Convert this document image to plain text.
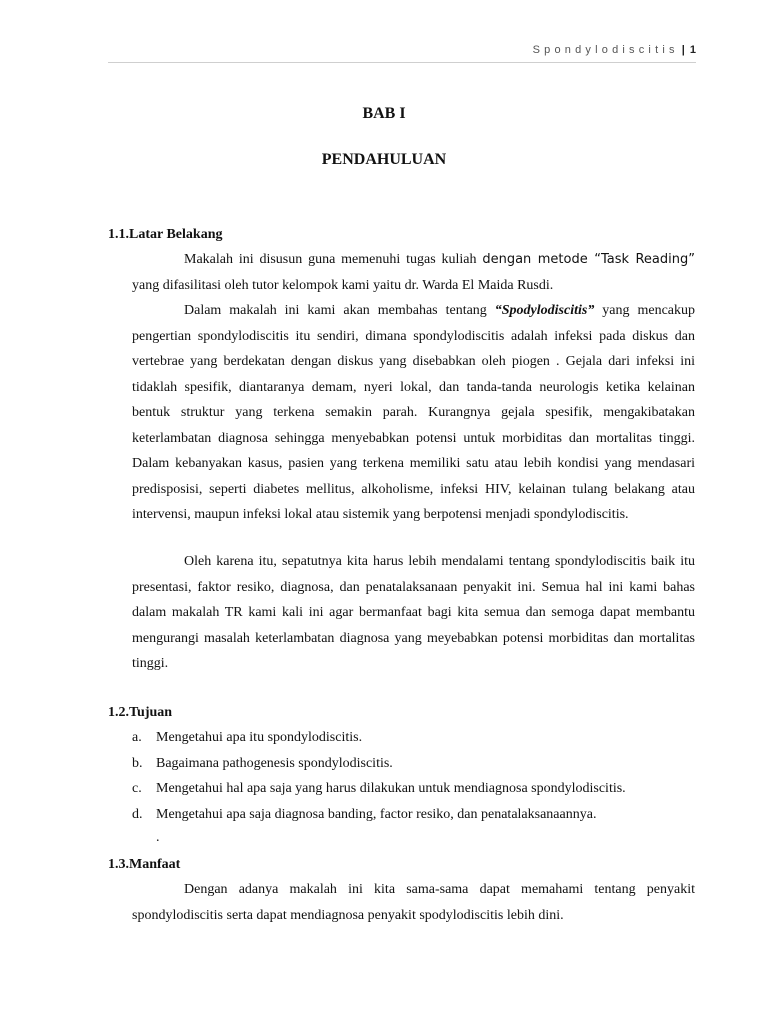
Spondylodiscitis | 1
BAB I
PENDAHULUAN
1.1.Latar Belakang

Makalah ini disusun guna memenuhi tugas kuliah dengan metode “Task Reading” yang difasilitasi oleh tutor kelompok kami yaitu dr. Warda El Maida Rusdi.

Dalam makalah ini kami akan membahas tentang “Spodylodiscitis” yang mencakup pengertian spondylodiscitis itu sendiri, dimana spondylodiscitis adalah infeksi pada diskus dan vertebrae yang berdekatan dengan diskus yang disebabkan oleh piogen . Gejala dari infeksi ini tidaklah spesifik, diantaranya demam, nyeri lokal, dan tanda-tanda neurologis ketika kelainan bentuk struktur yang terkena semakin parah. Kurangnya gejala spesifik, mengakibatakan keterlambatan diagnosa sehingga menyebabkan potensi untuk morbiditas dan mortalitas tinggi. Dalam kebanyakan kasus, pasien yang terkena memiliki satu atau lebih kondisi yang mendasari predisposisi, seperti diabetes mellitus, alkoholisme, infeksi HIV, kelainan tulang belakang atau intervensi, maupun infeksi lokal atau sistemik yang berpotensi menjadi spondylodiscitis.

Oleh karena itu, sepatutnya kita harus lebih mendalami tentang spondylodiscitis baik itu presentasi, faktor resiko, diagnosa, dan penatalaksanaan penyakit ini. Semua hal ini kami bahas dalam makalah TR kami kali ini agar bermanfaat bagi kita semua dan semoga dapat membantu mengurangi masalah keterlambatan diagnosa yang meyebabkan potensi morbiditas dan mortalitas tinggi.

1.2.Tujuan
a. Mengetahui apa itu spondylodiscitis.
b. Bagaimana pathogenesis spondylodiscitis.
c. Mengetahui hal apa saja yang harus dilakukan untuk mendiagnosa spondylodiscitis.
d. Mengetahui apa saja diagnosa banding, factor resiko, dan penatalaksanaannya.
.
1.3.Manfaat

Dengan adanya makalah ini kita sama-sama dapat memahami tentang penyakit spondylodiscitis serta dapat mendiagnosa penyakit spodylodiscitis lebih dini.
